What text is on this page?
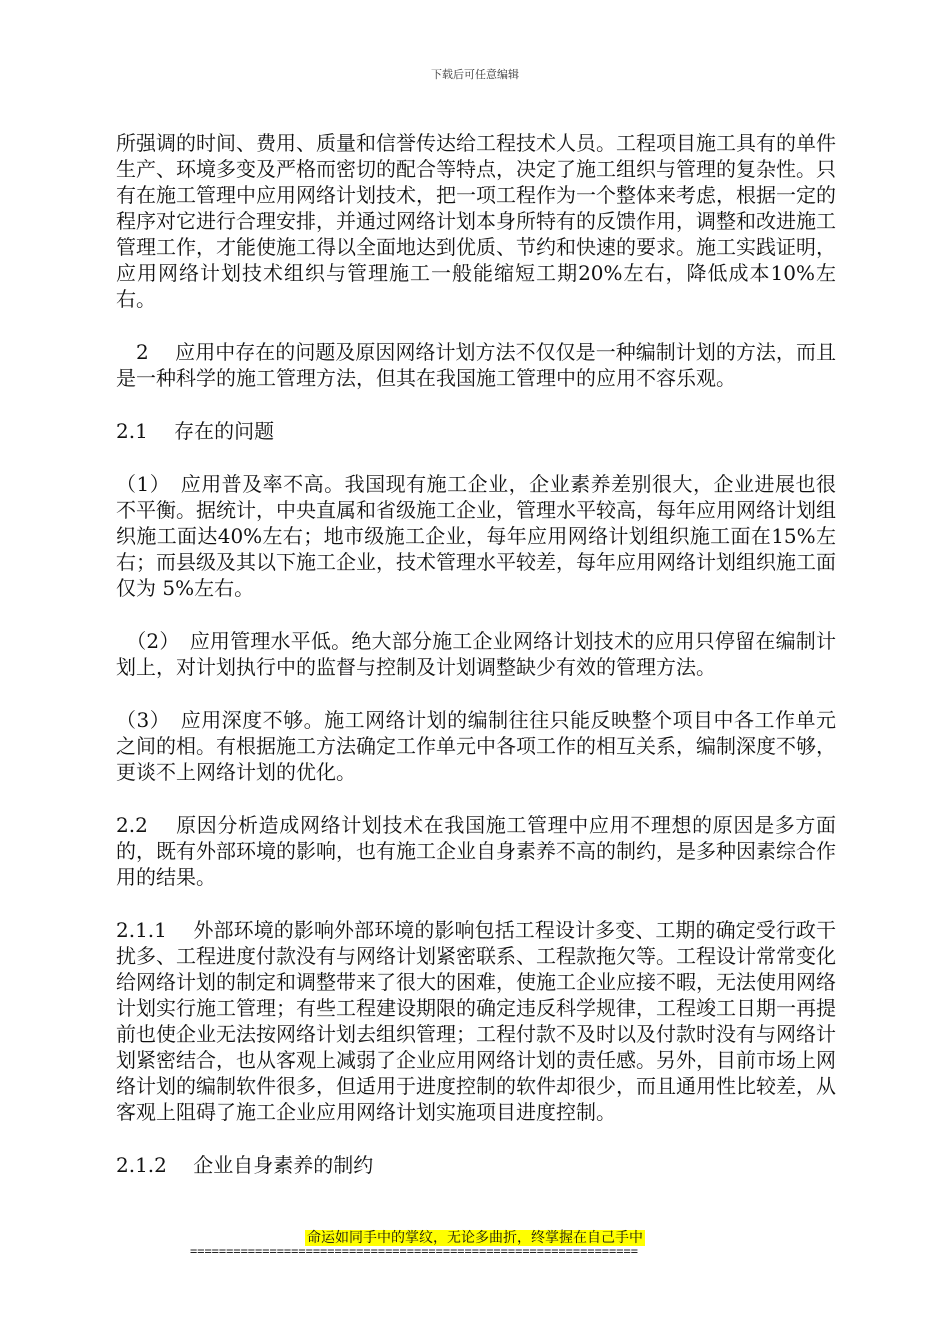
下载后可任意编辑

所强调的时间、费用、质量和信誉传达给工程技术人员。工程项目施工具有的单件生产、环境多变及严格而密切的配合等特点，决定了施工组织与管理的复杂性。只有在施工管理中应用网络计划技术，把一项工程作为一个整体来考虑，根据一定的程序对它进行合理安排，并通过网络计划本身所特有的反馈作用，调整和改进施工管理工作，才能使施工得以全面地达到优质、节约和快速的要求。施工实践证明，应用网络计划技术组织与管理施工一般能缩短工期20%左右，降低成本10%左右。

　2　 应用中存在的问题及原因网络计划方法不仅仅是一种编制计划的方法，而且是一种科学的施工管理方法，但其在我国施工管理中的应用不容乐观。

2.1　 存在的问题

（1）　应用普及率不高。我国现有施工企业，企业素养差别很大，企业进展也很不平衡。据统计，中央直属和省级施工企业，管理水平较高，每年应用网络计划组织施工面达40%左右；地市级施工企业，每年应用网络计划组织施工面在15%左右；而县级及其以下施工企业，技术管理水平较差，每年应用网络计划组织施工面仅为 5%左右。

　（2）　应用管理水平低。绝大部分施工企业网络计划技术的应用只停留在编制计划上，对计划执行中的监督与控制及计划调整缺少有效的管理方法。

（3）　应用深度不够。施工网络计划的编制往往只能反映整个项目中各工作单元之间的相。有根据施工方法确定工作单元中各项工作的相互关系，编制深度不够，更谈不上网络计划的优化。

2.2　 原因分析造成网络计划技术在我国施工管理中应用不理想的原因是多方面的，既有外部环境的影响，也有施工企业自身素养不高的制约，是多种因素综合作用的结果。

2.1.1　 外部环境的影响外部环境的影响包括工程设计多变、工期的确定受行政干扰多、工程进度付款没有与网络计划紧密联系、工程款拖欠等。工程设计常常变化给网络计划的制定和调整带来了很大的困难，使施工企业应接不暇，无法使用网络计划实行施工管理；有些工程建设期限的确定违反科学规律，工程竣工日期一再提前也使企业无法按网络计划去组织管理；工程付款不及时以及付款时没有与网络计划紧密结合，也从客观上减弱了企业应用网络计划的责任感。另外，目前市场上网络计划的编制软件很多，但适用于进度控制的软件却很少，而且通用性比较差，从客观上阻碍了施工企业应用网络计划实施项目进度控制。

2.1.2　 企业自身素养的制约

命运如同手中的掌纹，无论多曲折，终掌握在自己手中
==============================================================
